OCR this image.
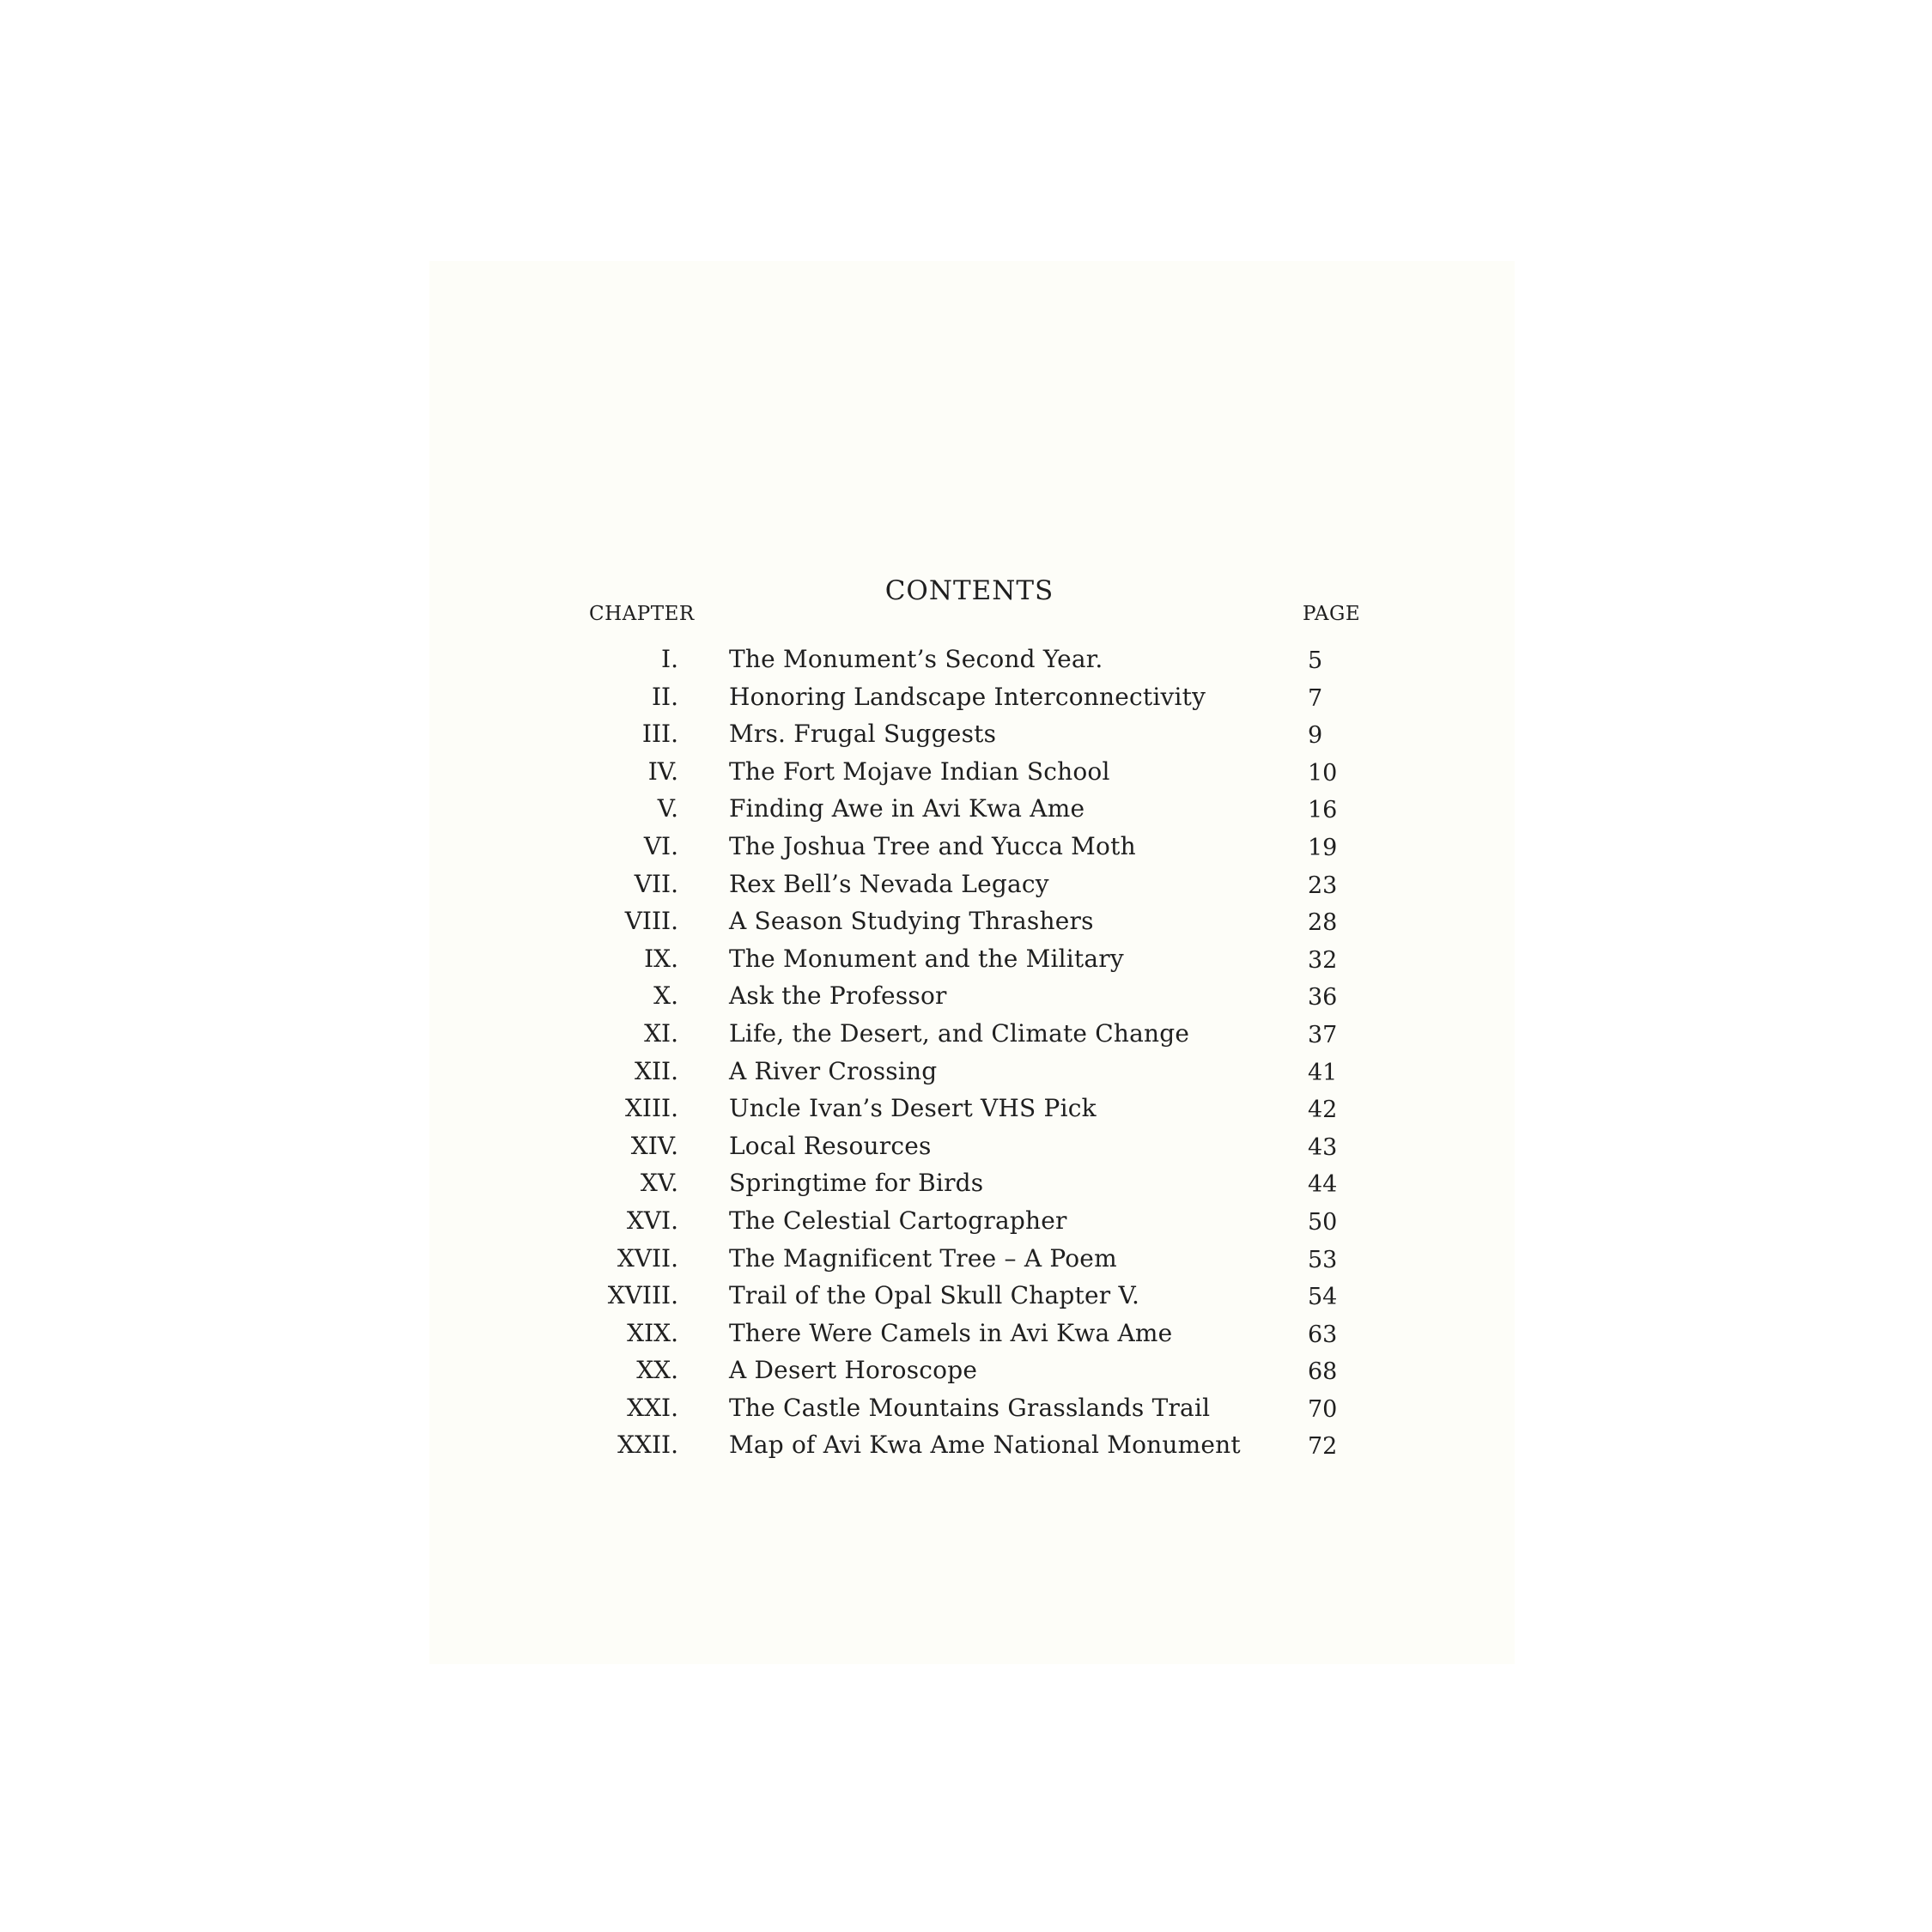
CONTENTS
CHAPTER	PAGE
I. The Monument’s Second Year.	5
II. Honoring Landscape Interconnectivity	7
III. Mrs. Frugal Suggests	9
IV. The Fort Mojave Indian School	10
V. Finding Awe in Avi Kwa Ame	16
VI. The Joshua Tree and Yucca Moth	19
VII. Rex Bell’s Nevada Legacy	23
VIII. A Season Studying Thrashers	28
IX. The Monument and the Military	32
X. Ask the Professor	36
XI. Life, the Desert, and Climate Change	37
XII. A River Crossing	41
XIII. Uncle Ivan’s Desert VHS Pick	42
XIV. Local Resources	43
XV. Springtime for Birds	44
XVI. The Celestial Cartographer	50
XVII. The Magnificent Tree – A Poem	53
XVIII. Trail of the Opal Skull Chapter V.	54
XIX. There Were Camels in Avi Kwa Ame	63
XX. A Desert Horoscope	68
XXI. The Castle Mountains Grasslands Trail	70
XXII. Map of Avi Kwa Ame National Monument	72
